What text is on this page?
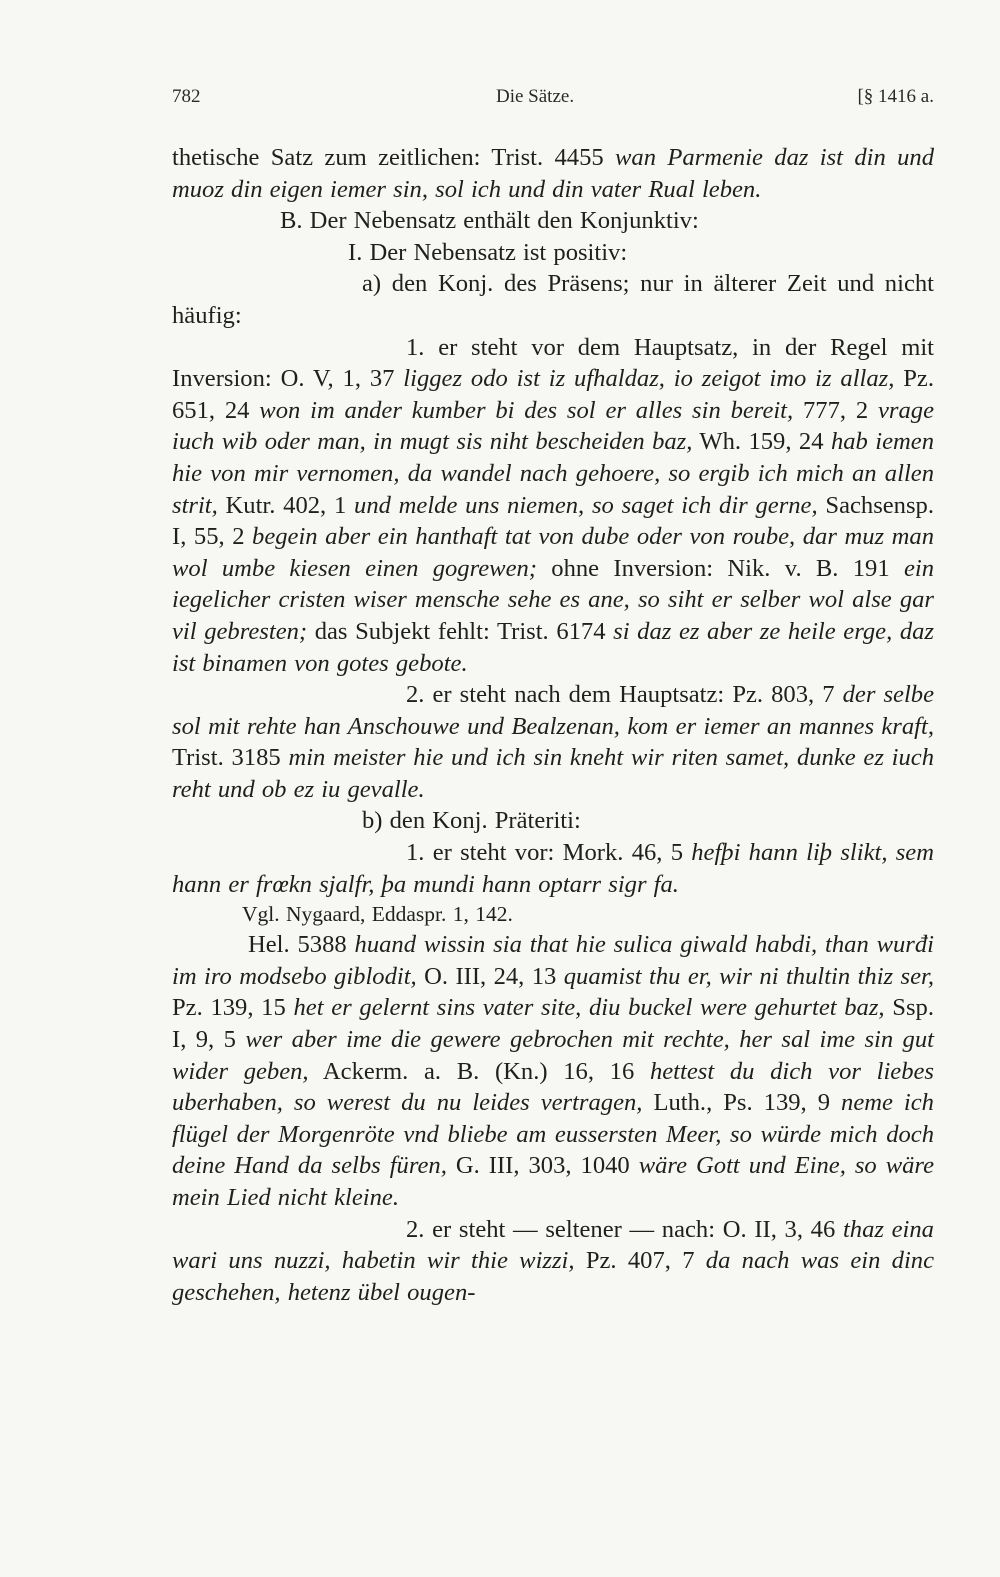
782	Die Sätze.	[§ 1416 a.

thetische Satz zum zeitlichen: Trist. 4455 wan Parmenie daz ist din und muoz din eigen iemer sin, sol ich und din vater Rual leben.

B. Der Nebensatz enthält den Konjunktiv:

I. Der Nebensatz ist positiv:

a) den Konj. des Präsens; nur in älterer Zeit und nicht häufig:

1. er steht vor dem Hauptsatz, in der Regel mit Inversion: O. V, 1, 37 liggez odo ist iz ufhaldaz, io zeigot imo iz allaz, Pz. 651, 24 won im ander kumber bi des sol er alles sin bereit, 777, 2 vrage iuch wib oder man, in mugt sis niht bescheiden baz, Wh. 159, 24 hab iemen hie von mir vernomen, da wandel nach gehoere, so ergib ich mich an allen strit, Kutr. 402, 1 und melde uns niemen, so saget ich dir gerne, Sachsensp. I, 55, 2 begein aber ein hanthaft tat von dube oder von roube, dar muz man wol umbe kiesen einen gogrewen; ohne Inversion: Nik. v. B. 191 ein iegelicher cristen wiser mensche sehe es ane, so siht er selber wol alse gar vil gebresten; das Subjekt fehlt: Trist. 6174 si daz ez aber ze heile erge, daz ist binamen von gotes gebote.

2. er steht nach dem Hauptsatz: Pz. 803, 7 der selbe sol mit rehte han Anschouwe und Bealzenan, kom er iemer an mannes kraft, Trist. 3185 min meister hie und ich sin kneht wir riten samet, dunke ez iuch reht und ob ez iu gevalle.

b) den Konj. Präteriti:

1. er steht vor: Mork. 46, 5 hefþi hann liþ slikt, sem hann er frœkn sjalfr, þa mundi hann optarr sigr fa.

Vgl. Nygaard, Eddaspr. 1, 142.

Hel. 5388 huand wissin sia that hie sulica giwald habdi, than wurđi im iro modsebo giblodit, O. III, 24, 13 quamist thu er, wir ni thultin thiz ser, Pz. 139, 15 het er gelernt sins vater site, diu buckel were gehurtet baz, Ssp. I, 9, 5 wer aber ime die gewere gebrochen mit rechte, her sal ime sin gut wider geben, Ackerm. a. B. (Kn.) 16, 16 hettest du dich vor liebes uberhaben, so werest du nu leides vertragen, Luth., Ps. 139, 9 neme ich flügel der Morgenröte vnd bliebe am eussersten Meer, so würde mich doch deine Hand da selbs füren, G. III, 303, 1040 wäre Gott und Eine, so wäre mein Lied nicht kleine.

2. er steht — seltener — nach: O. II, 3, 46 thaz eina wari uns nuzzi, habetin wir thie wizzi, Pz. 407, 7 da nach was ein dinc geschehen, hetenz übel ougen-
